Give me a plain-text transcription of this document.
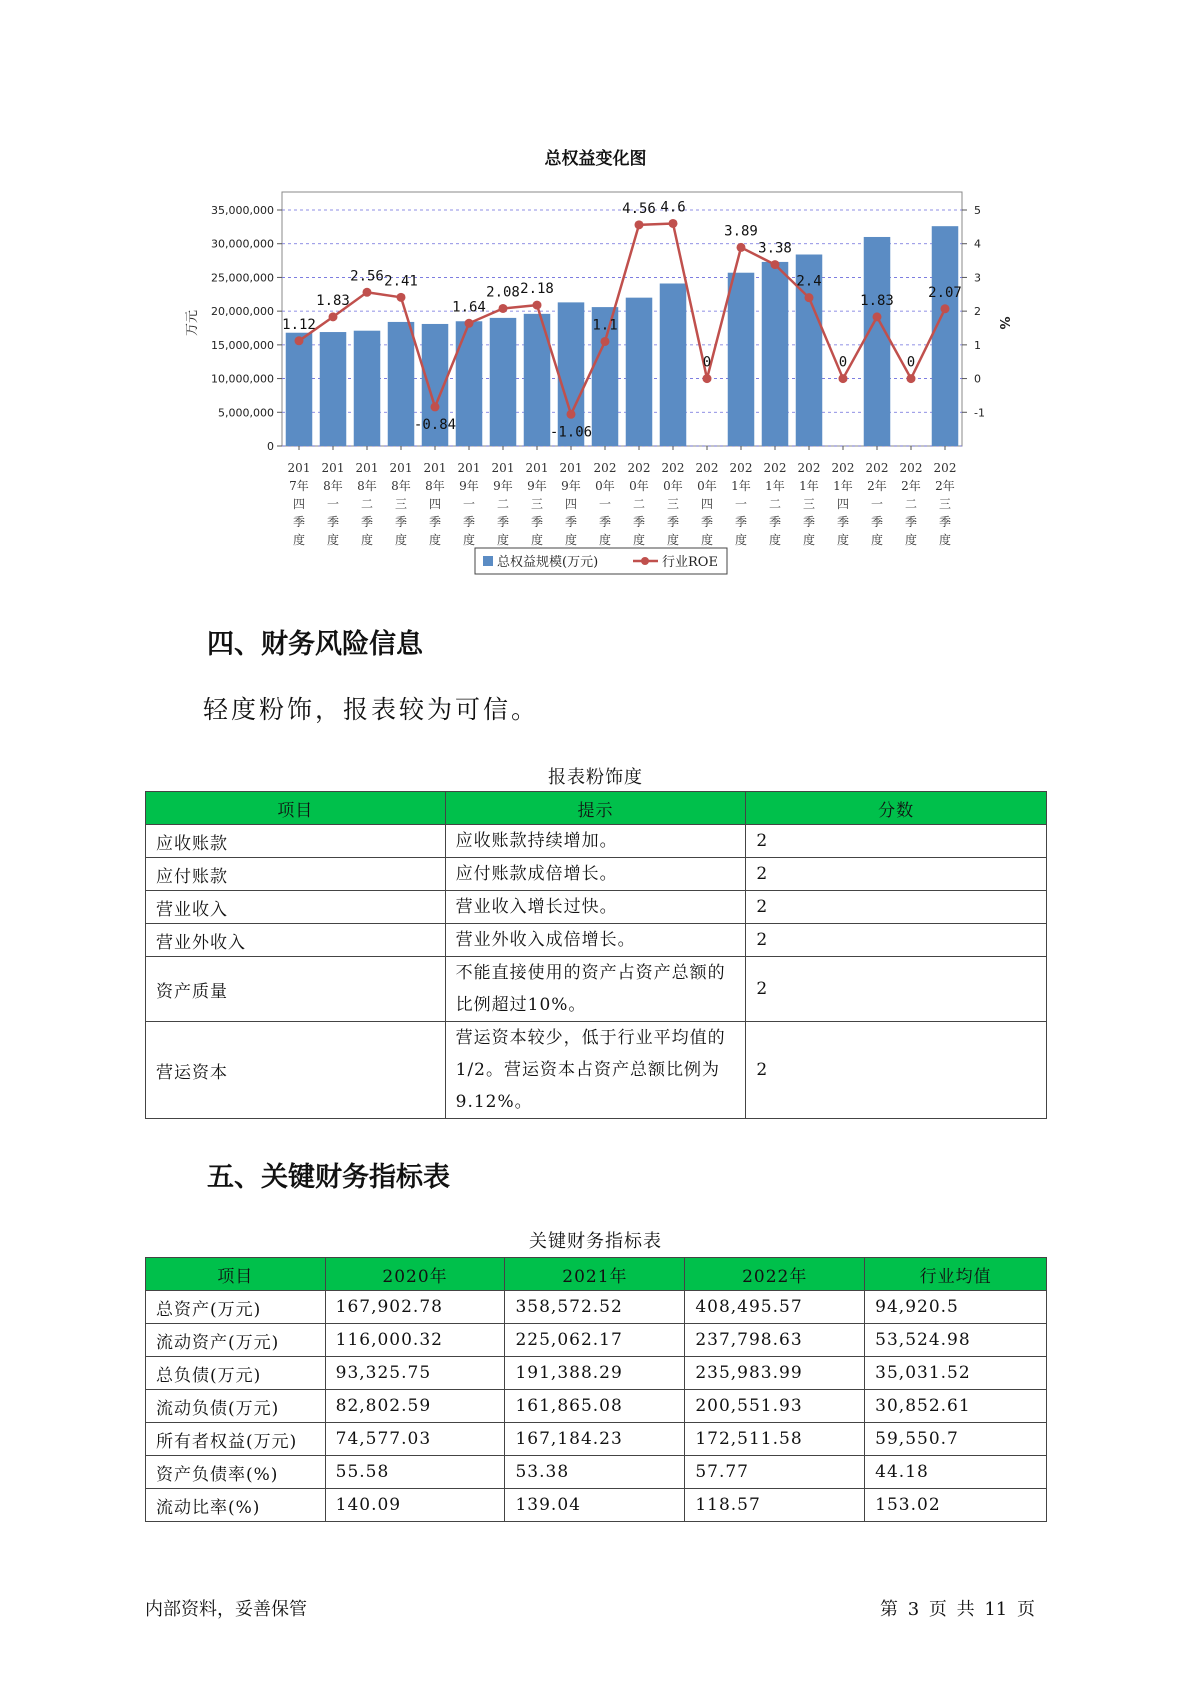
总权益变化图
0
5,000,000
10,000,000
15,000,000
20,000,000
25,000,000
30,000,000
35,000,000
-1
0
1
2
3
4
5
万元	%
201
7年
四
季
度
201
8年
一
季
度
201
8年
二
季
度
201
8年
三
季
度
201
8年
四
季
度
201
9年
一
季
度
201
9年
二
季
度
201
9年
三
季
度
201
9年
四
季
度
202
0年
一
季
度
202
0年
二
季
度
202
0年
三
季
度
202
0年
四
季
度
202
1年
一
季
度
202
1年
二
季
度
202
1年
三
季
度
202
1年
四
季
度
202
2年
一
季
度
202
2年
二
季
度
202
2年
三
季
度
1.12
1.83
2.56 2.41
-0.84
1.64
2.08 2.18
-1.06
1.1
4.56 4.6
0
3.89
3.38
2.4
0
1.83
0
2.07
总权益规模(万元)	行业ROE
四、财务风险信息
轻度粉饰，报表较为可信。
报表粉饰度
项目	提示	分数
应收账款	应收账款持续增加。	2
应付账款	应付账款成倍增长。	2
营业收入	营业收入增长过快。	2
营业外收入	营业外收入成倍增长。	2
资产质量	不能直接使用的资产占资产总额的比例超过10%。	2
营运资本	营运资本较少，低于行业平均值的1/2。营运资本占资产总额比例为9.12%。	2
五、关键财务指标表
关键财务指标表
项目	2020年	2021年	2022年	行业均值
总资产(万元)	167,902.78	358,572.52	408,495.57	94,920.5
流动资产(万元)	116,000.32	225,062.17	237,798.63	53,524.98
总负债(万元)	93,325.75	191,388.29	235,983.99	35,031.52
流动负债(万元)	82,802.59	161,865.08	200,551.93	30,852.61
所有者权益(万元)	74,577.03	167,184.23	172,511.58	59,550.7
资产负债率(%)	55.58	53.38	57.77	44.18
流动比率(%)	140.09	139.04	118.57	153.02
内部资料，妥善保管	第 3 页 共 11 页
